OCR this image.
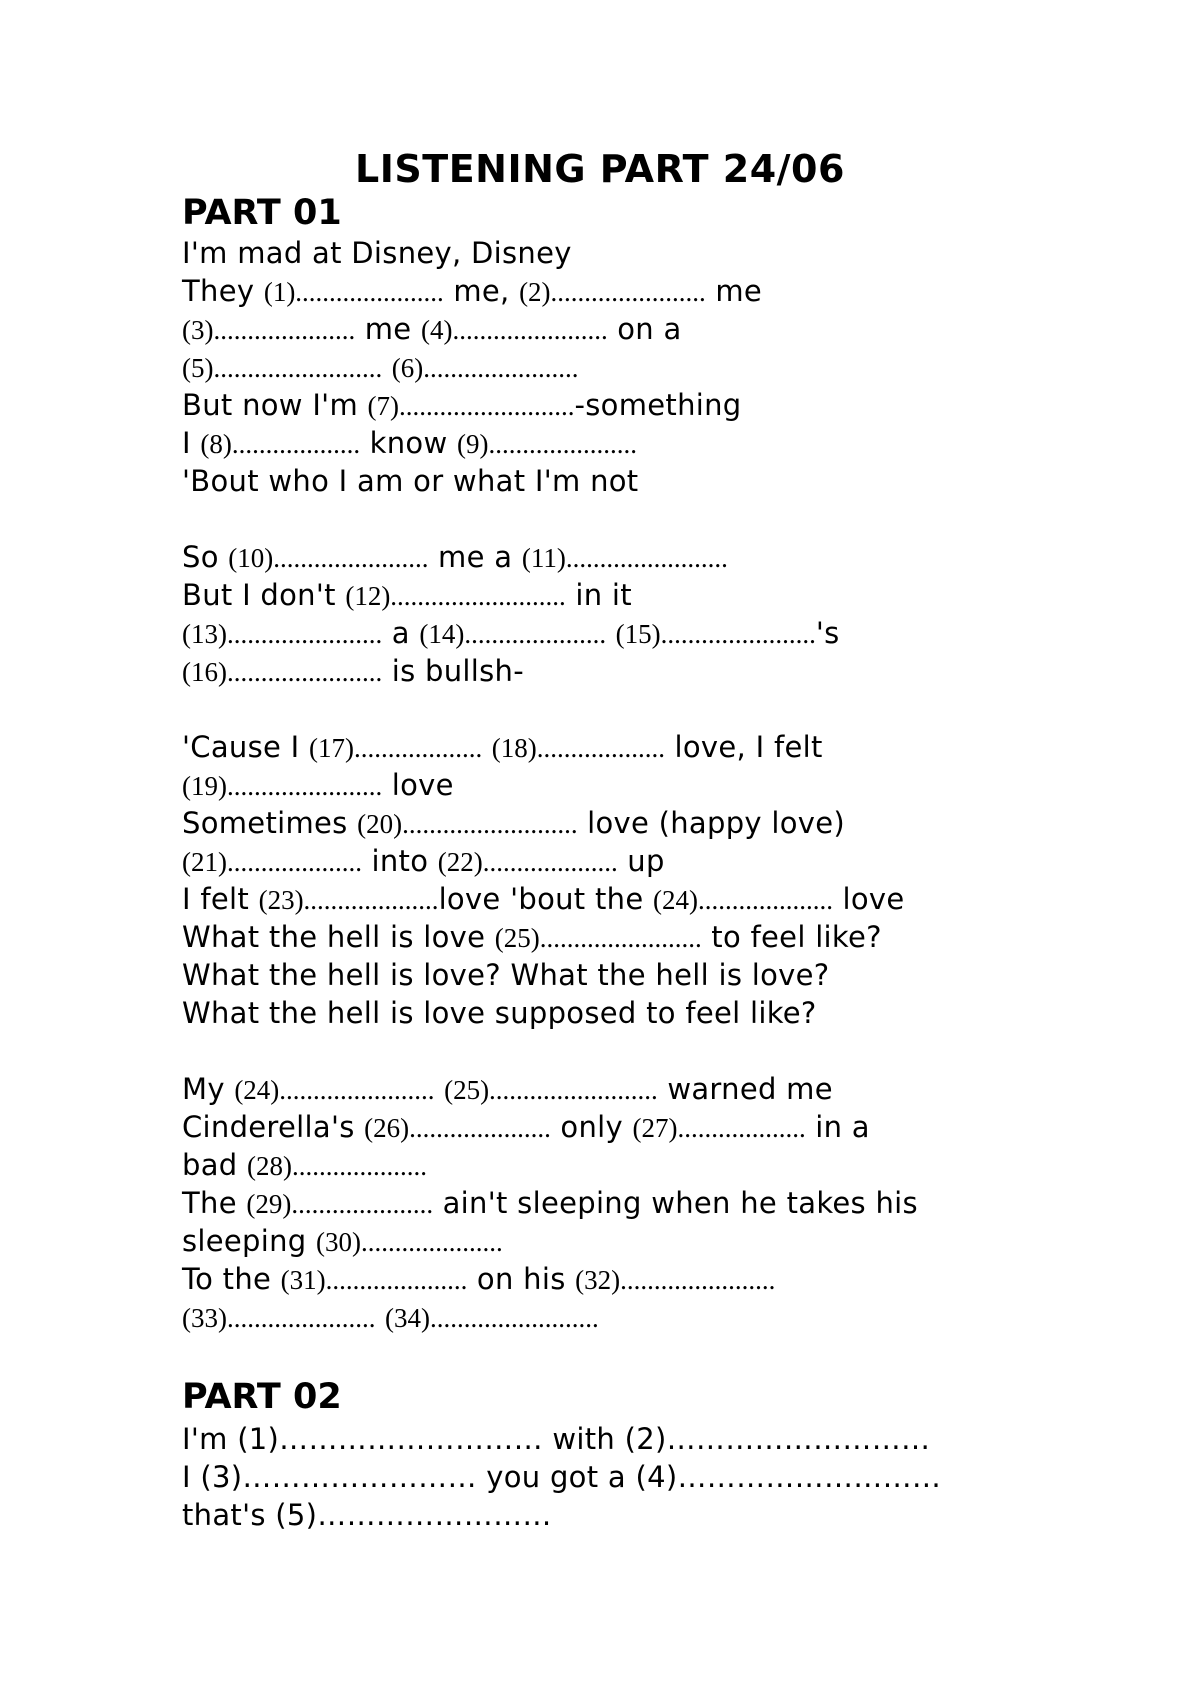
LISTENING PART 24/06
PART 01
I'm mad at Disney, Disney
They (1)...................... me, (2)....................... me
(3)..................... me (4)....................... on a
(5)......................... (6).......................
But now I'm (7)..........................-something
I (8)................... know (9)......................
'Bout who I am or what I'm not
So (10)....................... me a (11)........................
But I don't (12).......................... in it
(13)....................... a (14)..................... (15).......................'s
(16)....................... is bullsh-
'Cause I (17)................... (18)................... love, I felt
(19)....................... love
Sometimes (20).......................... love (happy love)
(21).................... into (22).................... up
I felt (23)....................love 'bout the (24).................... love
What the hell is love (25)........................ to feel like?
What the hell is love? What the hell is love?
What the hell is love supposed to feel like?
My (24)....................... (25)......................... warned me
Cinderella's (26)..................... only (27)................... in a
bad (28)....................
The (29)..................... ain't sleeping when he takes his
sleeping (30).....................
To the (31)..................... on his (32).......................
(33)...................... (34).........................
PART 02
I'm (1)……………………… with (2)………………………
I (3)…………………… you got a (4)………………………
that's (5)……………………
